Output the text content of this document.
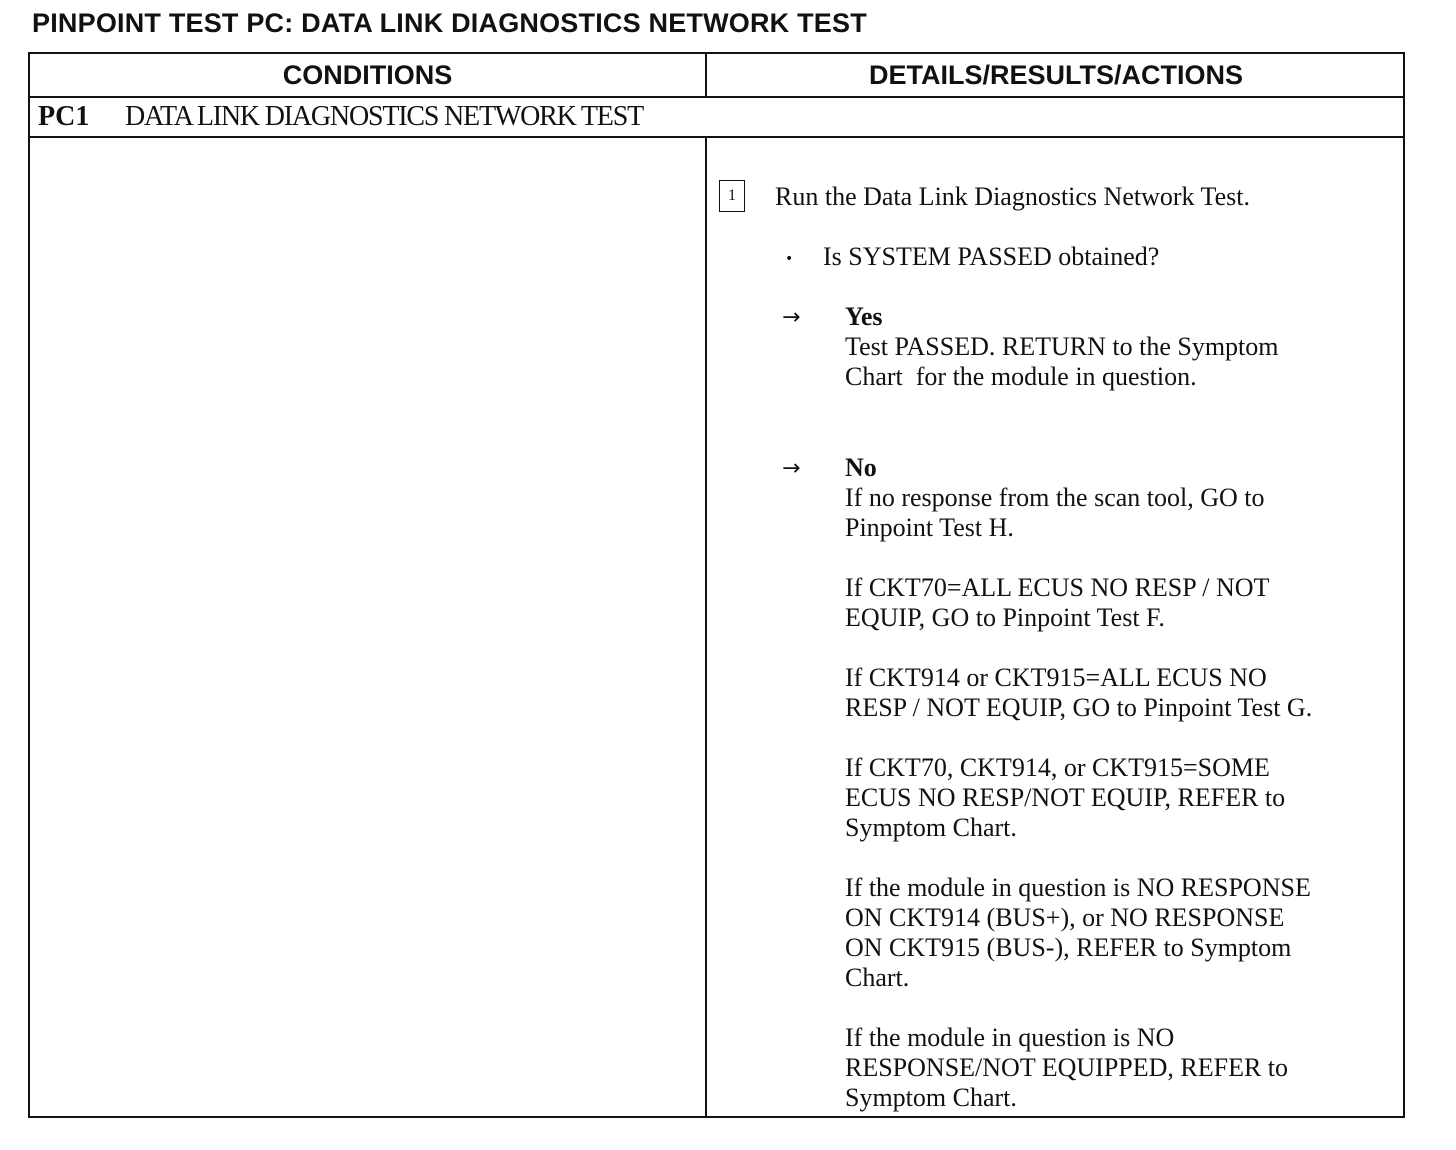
PINPOINT TEST PC: DATA LINK DIAGNOSTICS NETWORK TEST
CONDITIONS	DETAILS/RESULTS/ACTIONS
PC1 DATA LINK DIAGNOSTICS NETWORK TEST
1	Run the Data Link Diagnostics Network Test.
• Is SYSTEM PASSED obtained?
→ Yes
Test PASSED. RETURN to the Symptom
Chart  for the module in question.
→ No
If no response from the scan tool, GO to
Pinpoint Test H.
If CKT70=ALL ECUS NO RESP / NOT
EQUIP, GO to Pinpoint Test F.
If CKT914 or CKT915=ALL ECUS NO
RESP / NOT EQUIP, GO to Pinpoint Test G.
If CKT70, CKT914, or CKT915=SOME
ECUS NO RESP/NOT EQUIP, REFER to
Symptom Chart.
If the module in question is NO RESPONSE
ON CKT914 (BUS+), or NO RESPONSE
ON CKT915 (BUS-), REFER to Symptom
Chart.
If the module in question is NO
RESPONSE/NOT EQUIPPED, REFER to
Symptom Chart.
